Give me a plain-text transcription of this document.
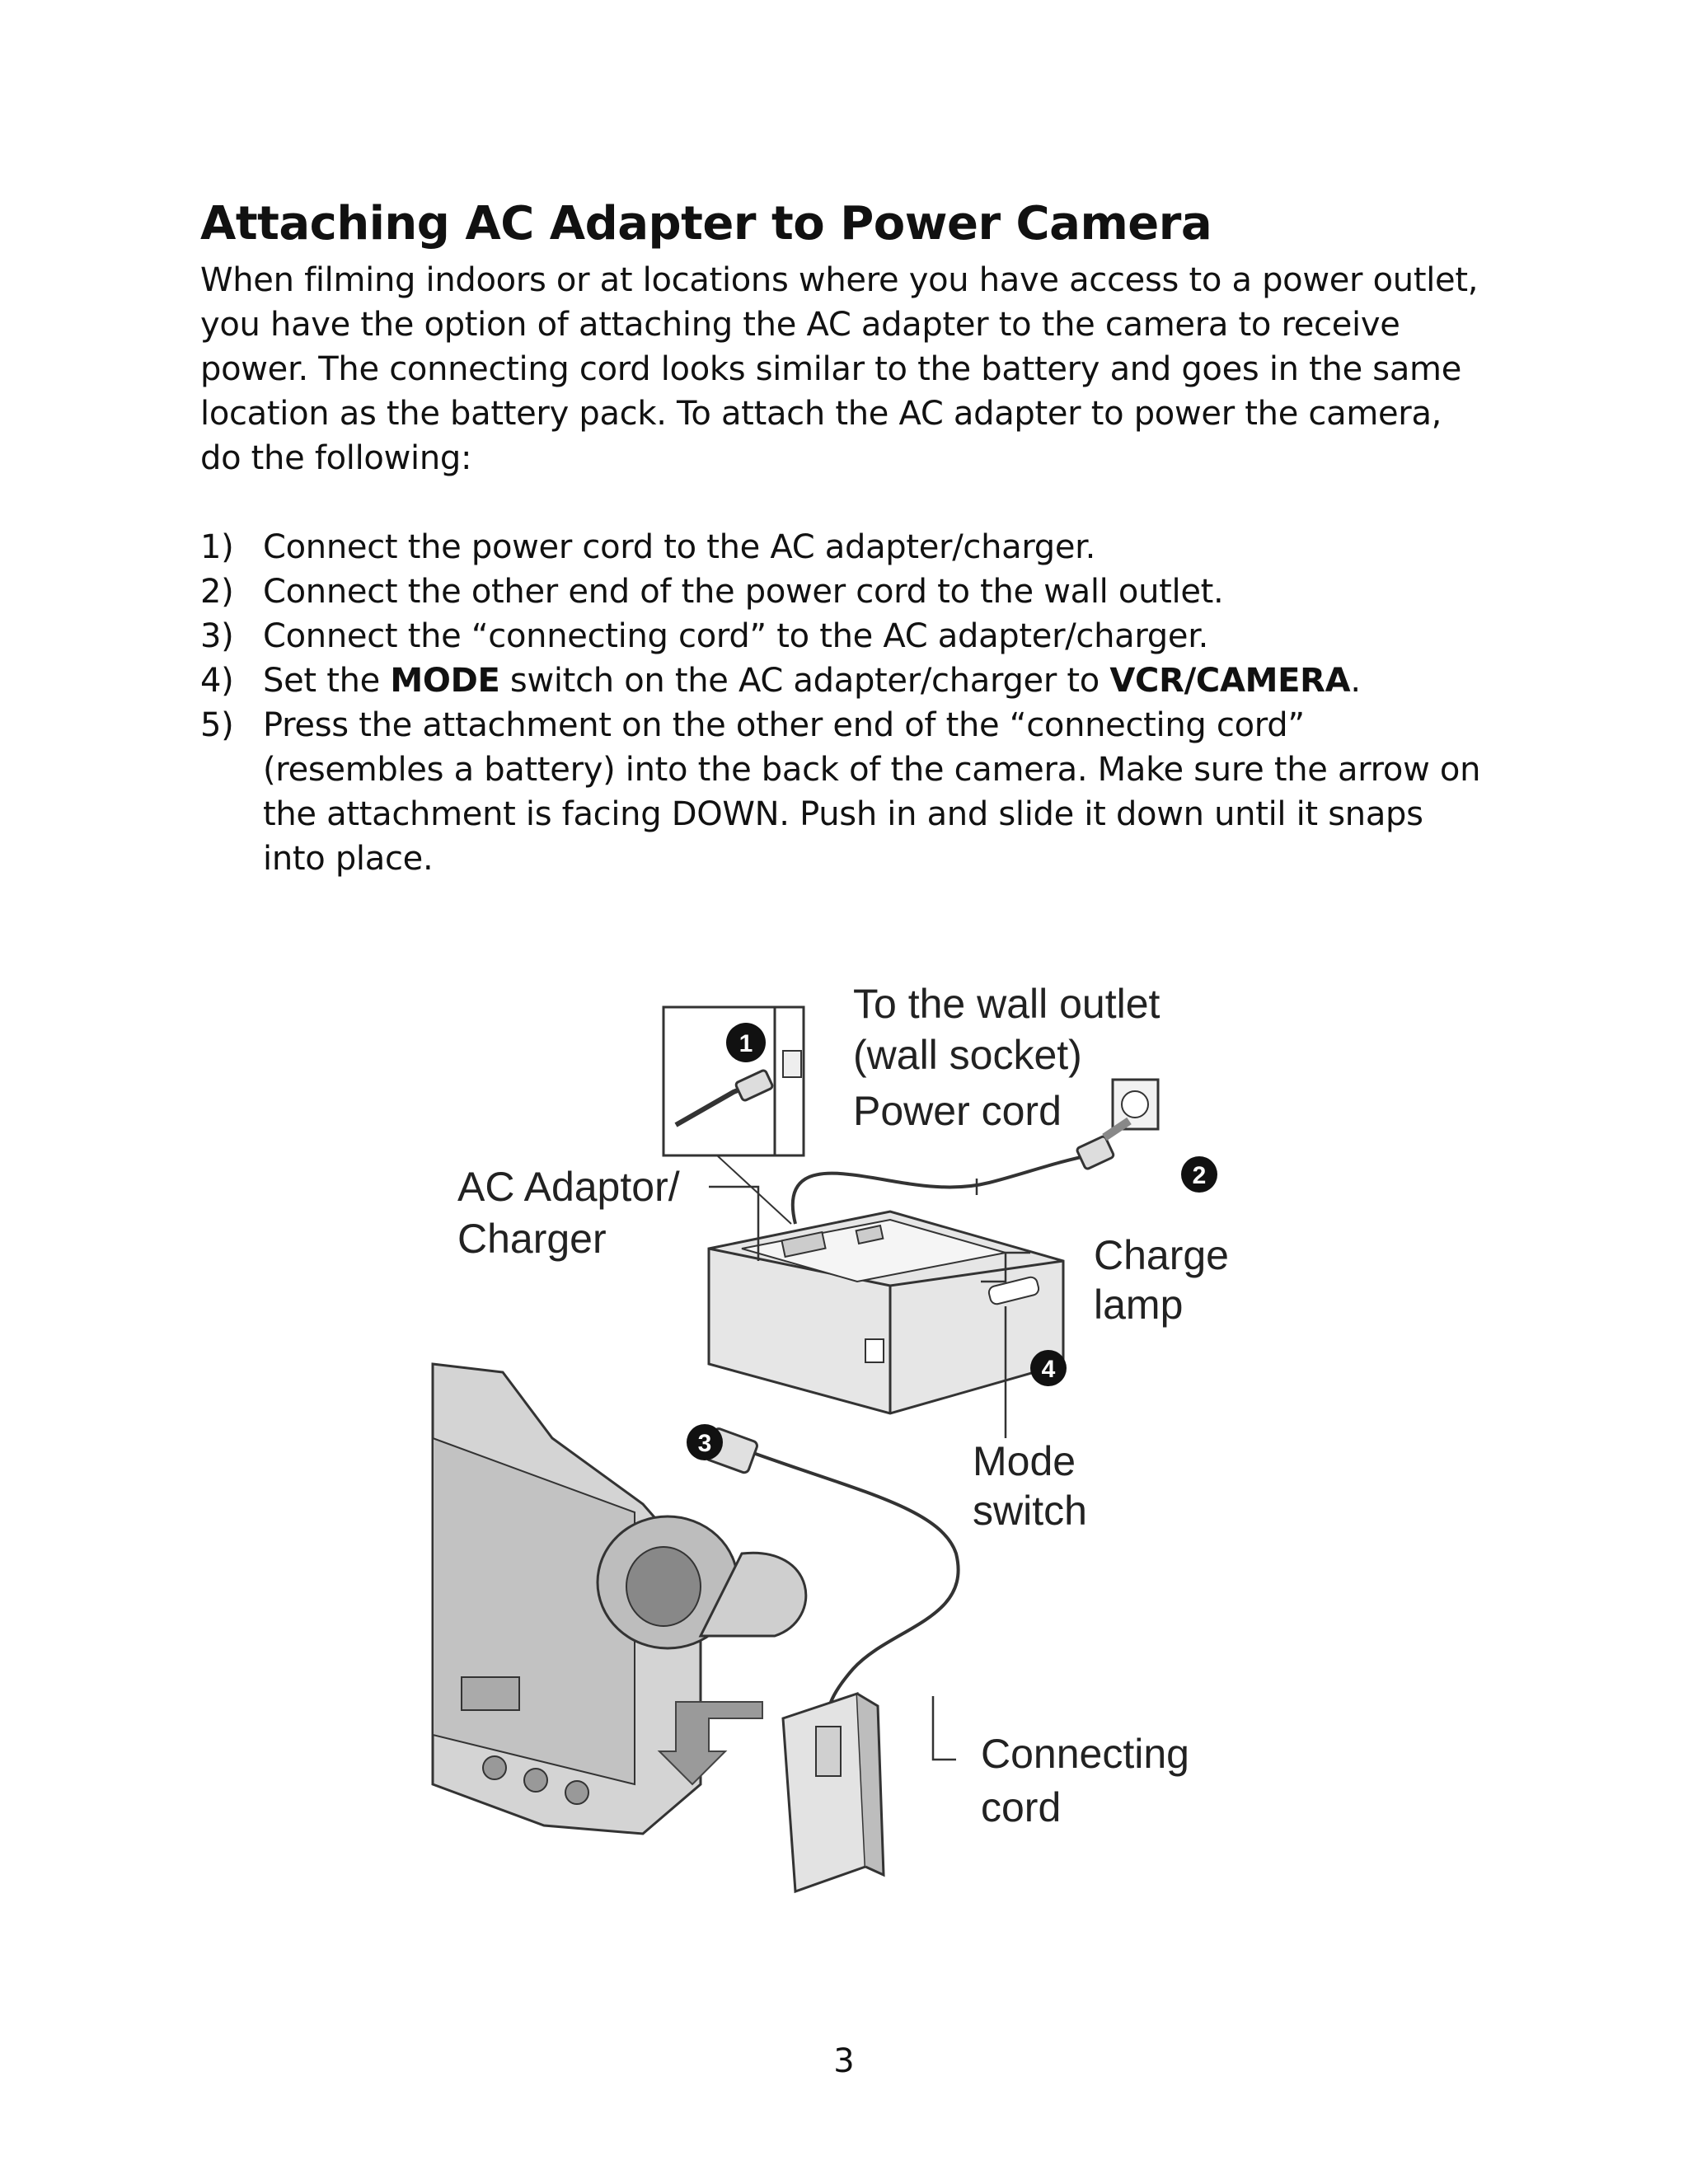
Attaching AC Adapter to Power Camera

When filming indoors or at locations where you have access to a power outlet, you have the option of attaching the AC adapter to the camera to receive power. The connecting cord looks similar to the battery and goes in the same location as the battery pack. To attach the AC adapter to power the camera, do the following:

1) Connect the power cord to the AC adapter/charger.
2) Connect the other end of the power cord to the wall outlet.
3) Connect the “connecting cord” to the AC adapter/charger.
4) Set the MODE switch on the AC adapter/charger to VCR/CAMERA.
5) Press the attachment on the other end of the “connecting cord” (resembles a battery) into the back of the camera. Make sure the arrow on the attachment is facing DOWN. Push in and slide it down until it snaps into place.
1
2
3
4
To the wall outlet
(wall socket)
Power cord
AC Adaptor/
Charger	Charge
lamp
Mode
switch
Connecting
cord

3
